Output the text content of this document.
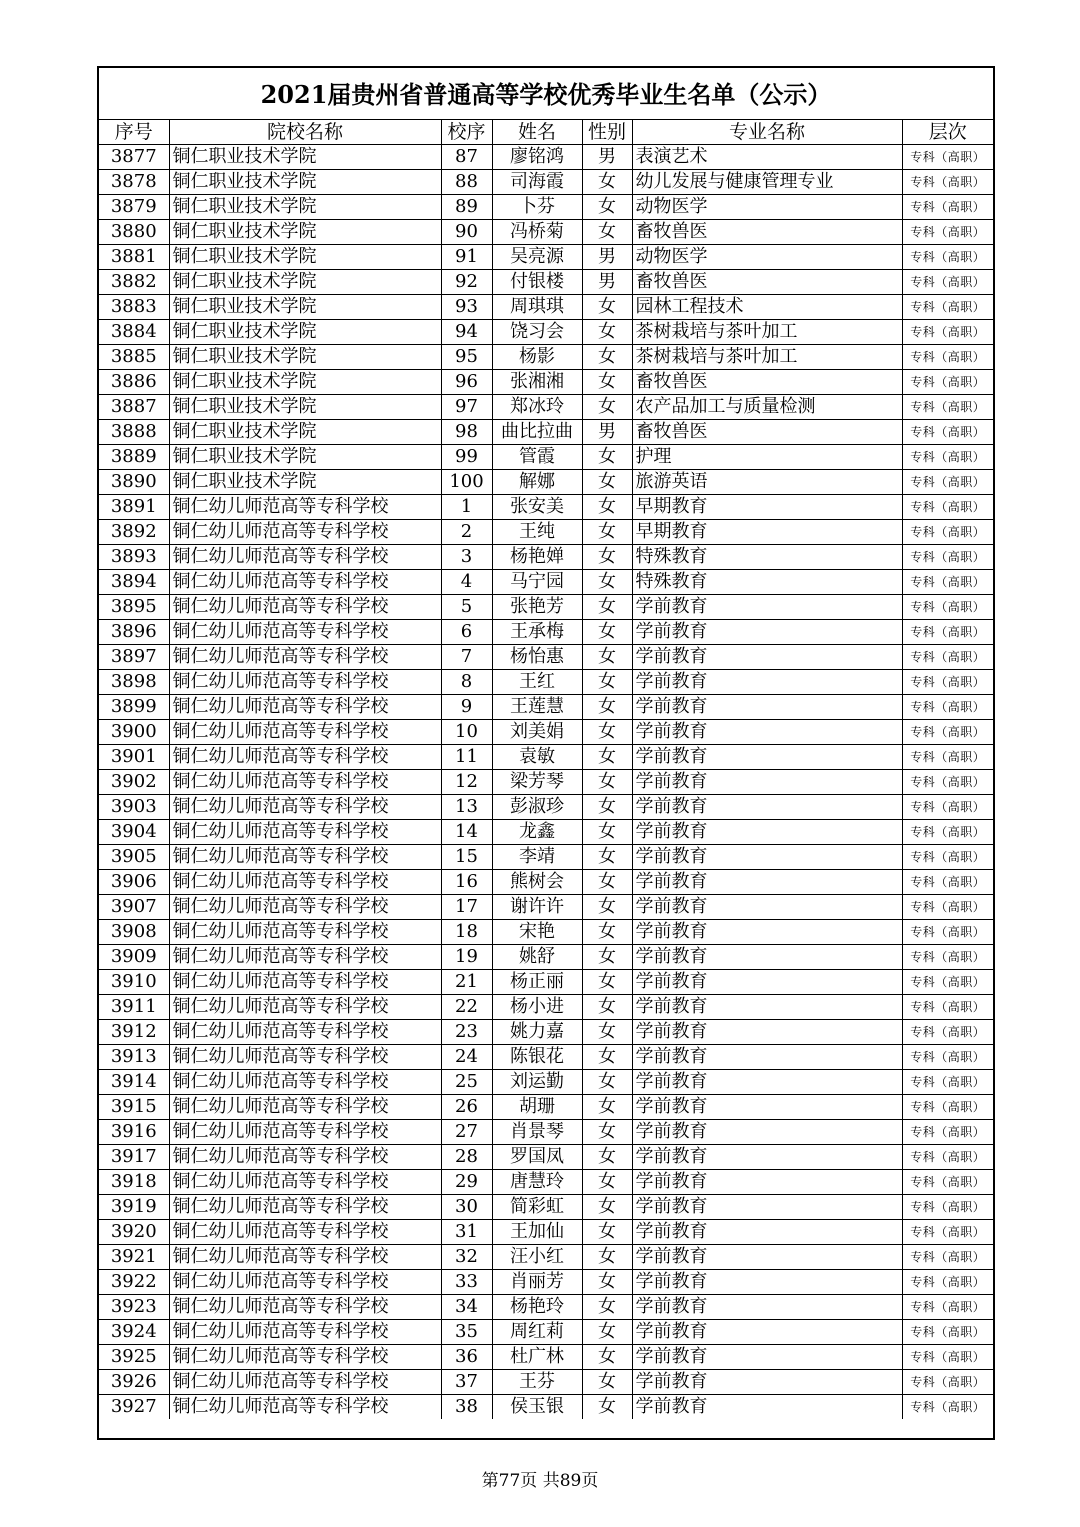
2021届贵州省普通高等学校优秀毕业生名单（公示）
序号	院校名称	校序	姓名	性别	专业名称	层次
3877	铜仁职业技术学院	87	廖铭鸿	男	表演艺术	专科（高职）
3878	铜仁职业技术学院	88	司海霞	女	幼儿发展与健康管理专业	专科（高职）
3879	铜仁职业技术学院	89	卜芬	女	动物医学	专科（高职）
3880	铜仁职业技术学院	90	冯桥菊	女	畜牧兽医	专科（高职）
3881	铜仁职业技术学院	91	吴亮源	男	动物医学	专科（高职）
3882	铜仁职业技术学院	92	付银楼	男	畜牧兽医	专科（高职）
3883	铜仁职业技术学院	93	周琪琪	女	园林工程技术	专科（高职）
3884	铜仁职业技术学院	94	饶习会	女	茶树栽培与茶叶加工	专科（高职）
3885	铜仁职业技术学院	95	杨影	女	茶树栽培与茶叶加工	专科（高职）
3886	铜仁职业技术学院	96	张湘湘	女	畜牧兽医	专科（高职）
3887	铜仁职业技术学院	97	郑冰玲	女	农产品加工与质量检测	专科（高职）
3888	铜仁职业技术学院	98	曲比拉曲	男	畜牧兽医	专科（高职）
3889	铜仁职业技术学院	99	管霞	女	护理	专科（高职）
3890	铜仁职业技术学院	100	解娜	女	旅游英语	专科（高职）
3891	铜仁幼儿师范高等专科学校	1	张安美	女	早期教育	专科（高职）
3892	铜仁幼儿师范高等专科学校	2	王纯	女	早期教育	专科（高职）
3893	铜仁幼儿师范高等专科学校	3	杨艳婵	女	特殊教育	专科（高职）
3894	铜仁幼儿师范高等专科学校	4	马宁园	女	特殊教育	专科（高职）
3895	铜仁幼儿师范高等专科学校	5	张艳芳	女	学前教育	专科（高职）
3896	铜仁幼儿师范高等专科学校	6	王承梅	女	学前教育	专科（高职）
3897	铜仁幼儿师范高等专科学校	7	杨怡惠	女	学前教育	专科（高职）
3898	铜仁幼儿师范高等专科学校	8	王红	女	学前教育	专科（高职）
3899	铜仁幼儿师范高等专科学校	9	王莲慧	女	学前教育	专科（高职）
3900	铜仁幼儿师范高等专科学校	10	刘美娟	女	学前教育	专科（高职）
3901	铜仁幼儿师范高等专科学校	11	袁敏	女	学前教育	专科（高职）
3902	铜仁幼儿师范高等专科学校	12	梁芳琴	女	学前教育	专科（高职）
3903	铜仁幼儿师范高等专科学校	13	彭淑珍	女	学前教育	专科（高职）
3904	铜仁幼儿师范高等专科学校	14	龙鑫	女	学前教育	专科（高职）
3905	铜仁幼儿师范高等专科学校	15	李靖	女	学前教育	专科（高职）
3906	铜仁幼儿师范高等专科学校	16	熊树会	女	学前教育	专科（高职）
3907	铜仁幼儿师范高等专科学校	17	谢许许	女	学前教育	专科（高职）
3908	铜仁幼儿师范高等专科学校	18	宋艳	女	学前教育	专科（高职）
3909	铜仁幼儿师范高等专科学校	19	姚舒	女	学前教育	专科（高职）
3910	铜仁幼儿师范高等专科学校	21	杨正丽	女	学前教育	专科（高职）
3911	铜仁幼儿师范高等专科学校	22	杨小进	女	学前教育	专科（高职）
3912	铜仁幼儿师范高等专科学校	23	姚力嘉	女	学前教育	专科（高职）
3913	铜仁幼儿师范高等专科学校	24	陈银花	女	学前教育	专科（高职）
3914	铜仁幼儿师范高等专科学校	25	刘运勤	女	学前教育	专科（高职）
3915	铜仁幼儿师范高等专科学校	26	胡珊	女	学前教育	专科（高职）
3916	铜仁幼儿师范高等专科学校	27	肖景琴	女	学前教育	专科（高职）
3917	铜仁幼儿师范高等专科学校	28	罗国凤	女	学前教育	专科（高职）
3918	铜仁幼儿师范高等专科学校	29	唐慧玲	女	学前教育	专科（高职）
3919	铜仁幼儿师范高等专科学校	30	简彩虹	女	学前教育	专科（高职）
3920	铜仁幼儿师范高等专科学校	31	王加仙	女	学前教育	专科（高职）
3921	铜仁幼儿师范高等专科学校	32	汪小红	女	学前教育	专科（高职）
3922	铜仁幼儿师范高等专科学校	33	肖丽芳	女	学前教育	专科（高职）
3923	铜仁幼儿师范高等专科学校	34	杨艳玲	女	学前教育	专科（高职）
3924	铜仁幼儿师范高等专科学校	35	周红莉	女	学前教育	专科（高职）
3925	铜仁幼儿师范高等专科学校	36	杜广林	女	学前教育	专科（高职）
3926	铜仁幼儿师范高等专科学校	37	王芬	女	学前教育	专科（高职）
3927	铜仁幼儿师范高等专科学校	38	侯玉银	女	学前教育	专科（高职）
第77页 共89页
